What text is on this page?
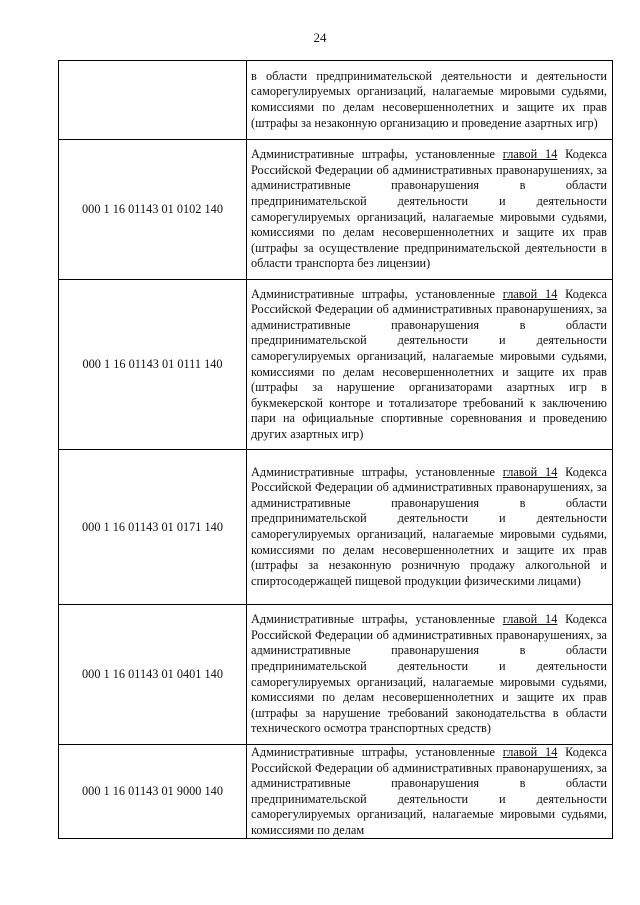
24
	в области предпринимательской деятельности и деятельности саморегулируемых организаций, налагаемые мировыми судьями, комиссиями по делам несовершеннолетних и защите их прав (штрафы за незаконную организацию и проведение азартных игр)
000 1 16 01143 01 0102 140	Административные штрафы, установленные главой 14 Кодекса Российской Федерации об административных правонарушениях, за административные правонарушения в области предпринимательской деятельности и деятельности саморегулируемых организаций, налагаемые мировыми судьями, комиссиями по делам несовершеннолетних и защите их прав (штрафы за осуществление предпринимательской деятельности в области транспорта без лицензии)
000 1 16 01143 01 0111 140	Административные штрафы, установленные главой 14 Кодекса Российской Федерации об административных правонарушениях, за административные правонарушения в области предпринимательской деятельности и деятельности саморегулируемых организаций, налагаемые мировыми судьями, комиссиями по делам несовершеннолетних и защите их прав (штрафы за нарушение организаторами азартных игр в букмекерской конторе и тотализаторе требований к заключению пари на официальные спортивные соревнования и проведению других азартных игр)
000 1 16 01143 01 0171 140	Административные штрафы, установленные главой 14 Кодекса Российской Федерации об административных правонарушениях, за административные правонарушения в области предпринимательской деятельности и деятельности саморегулируемых организаций, налагаемые мировыми судьями, комиссиями по делам несовершеннолетних и защите их прав (штрафы за незаконную розничную продажу алкогольной и спиртосодержащей пищевой продукции физическими лицами)
000 1 16 01143 01 0401 140	Административные штрафы, установленные главой 14 Кодекса Российской Федерации об административных правонарушениях, за административные правонарушения в области предпринимательской деятельности и деятельности саморегулируемых организаций, налагаемые мировыми судьями, комиссиями по делам несовершеннолетних и защите их прав (штрафы за нарушение требований законодательства в области технического осмотра транспортных средств)
000 1 16 01143 01 9000 140	Административные штрафы, установленные главой 14 Кодекса Российской Федерации об административных правонарушениях, за административные правонарушения в области предпринимательской деятельности и деятельности саморегулируемых организаций, налагаемые мировыми судьями, комиссиями по делам
